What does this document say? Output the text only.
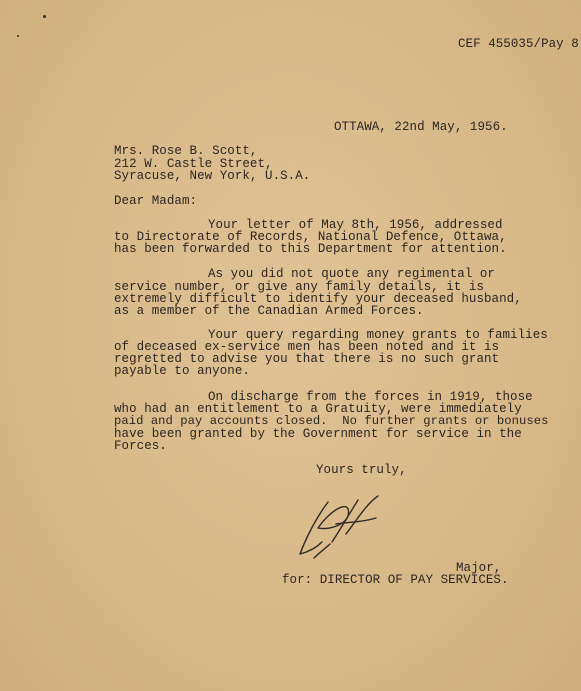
CEF 455035/Pay 8
OTTAWA, 22nd May, 1956.
Mrs. Rose B. Scott,
212 W. Castle Street,
Syracuse, New York, U.S.A.
Dear Madam:
Your letter of May 8th, 1956, addressed
to Directorate of Records, National Defence, Ottawa,
has been forwarded to this Department for attention.
As you did not quote any regimental or
service number, or give any family details, it is
extremely difficult to identify your deceased husband,
as a member of the Canadian Armed Forces.
Your query regarding money grants to families
of deceased ex-service men has been noted and it is
regretted to advise you that there is no such grant
payable to anyone.
On discharge from the forces in 1919, those
who had an entitlement to a Gratuity, were immediately
paid and pay accounts closed.  No further grants or bonuses
have been granted by the Government for service in the
Forces.
Yours truly,
Major,
for: DIRECTOR OF PAY SERVICES.
